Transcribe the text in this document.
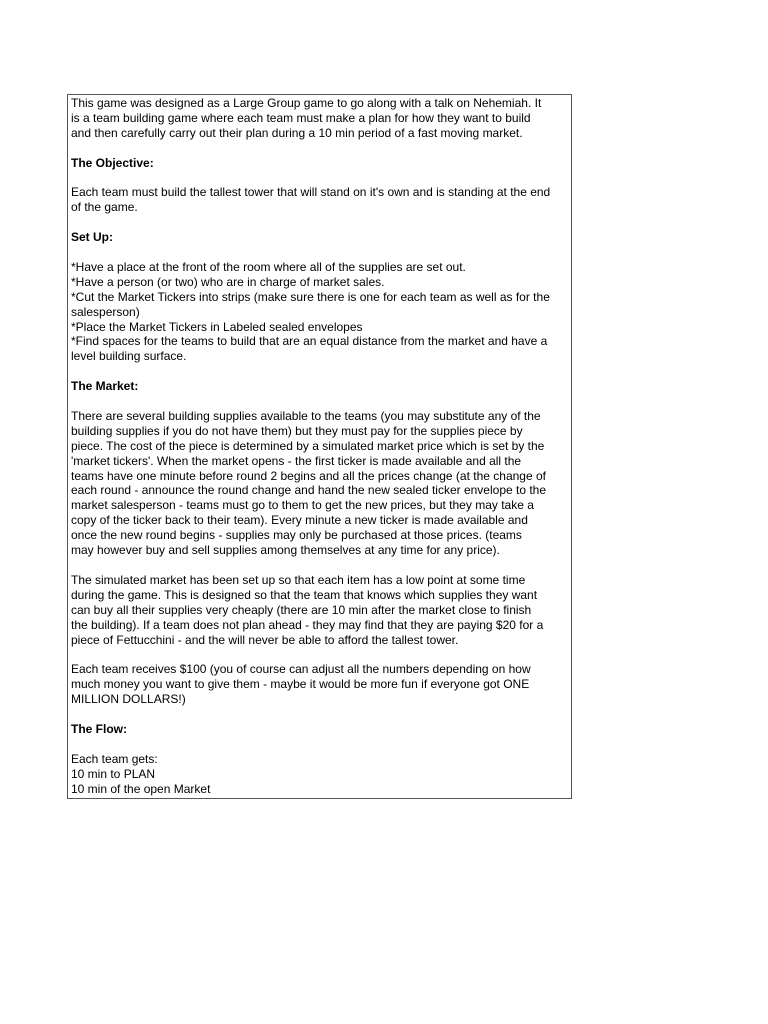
This game was designed as a Large Group game to go along with a talk on Nehemiah. It
is a team building game where each team must make a plan for how they want to build
and then carefully carry out their plan during a 10 min period of a fast moving market.
The Objective:
Each team must build the tallest tower that will stand on it's own and is standing at the end
of the game.
Set Up:
*Have a place at the front of the room where all of the supplies are set out.
*Have a person (or two) who are in charge of market sales.
*Cut the Market Tickers into strips (make sure there is one for each team as well as for the
salesperson)
*Place the Market Tickers in Labeled sealed envelopes
*Find spaces for the teams to build that are an equal distance from the market and have a
level building surface.
The Market:
There are several building supplies available to the teams (you may substitute any of the
building supplies if you do not have them) but they must pay for the supplies piece by
piece. The cost of the piece is determined by a simulated market price which is set by the
'market tickers'. When the market opens - the first ticker is made available and all the
teams have one minute before round 2 begins and all the prices change (at the change of
each round - announce the round change and hand the new sealed ticker envelope to the
market salesperson - teams must go to them to get the new prices, but they may take a
copy of the ticker back to their team). Every minute a new ticker is made available and
once the new round begins - supplies may only be purchased at those prices. (teams
may however buy and sell supplies among themselves at any time for any price).
The simulated market has been set up so that each item has a low point at some time
during the game. This is designed so that the team that knows which supplies they want
can buy all their supplies very cheaply (there are 10 min after the market close to finish
the building). If a team does not plan ahead - they may find that they are paying $20 for a
piece of Fettucchini - and the will never be able to afford the tallest tower.
Each team receives $100 (you of course can adjust all the numbers depending on how
much money you want to give them - maybe it would be more fun if everyone got ONE
MILLION DOLLARS!)
The Flow:
Each team gets:
10 min to PLAN
10 min of the open Market
